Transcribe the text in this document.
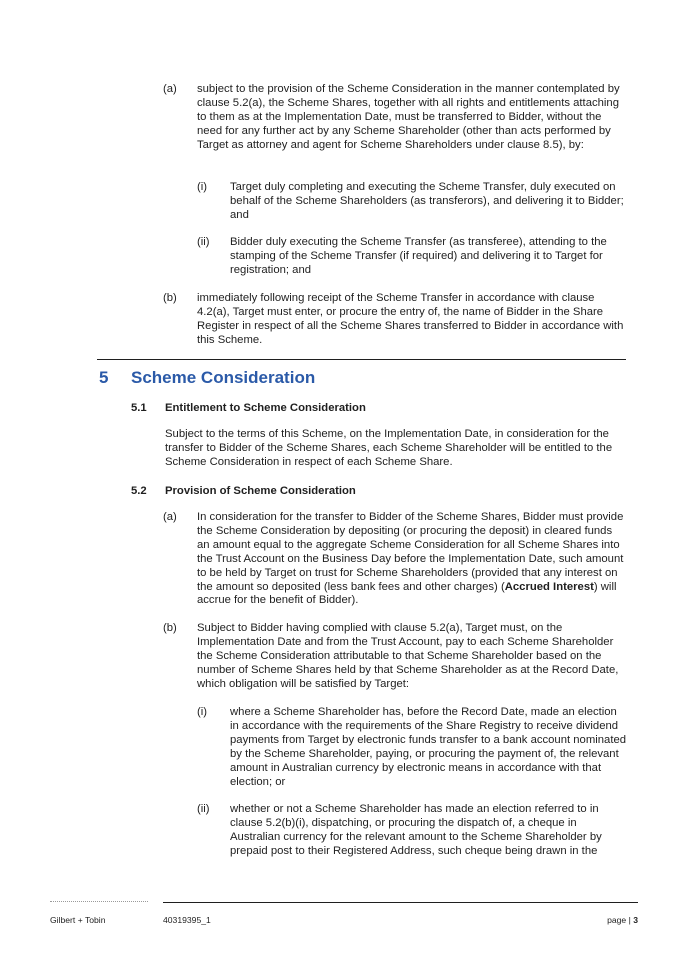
(a) subject to the provision of the Scheme Consideration in the manner contemplated by clause 5.2(a), the Scheme Shares, together with all rights and entitlements attaching to them as at the Implementation Date, must be transferred to Bidder, without the need for any further act by any Scheme Shareholder (other than acts performed by Target as attorney and agent for Scheme Shareholders under clause 8.5), by:
(i) Target duly completing and executing the Scheme Transfer, duly executed on behalf of the Scheme Shareholders (as transferors), and delivering it to Bidder; and
(ii) Bidder duly executing the Scheme Transfer (as transferee), attending to the stamping of the Scheme Transfer (if required) and delivering it to Target for registration; and
(b) immediately following receipt of the Scheme Transfer in accordance with clause 4.2(a), Target must enter, or procure the entry of, the name of Bidder in the Share Register in respect of all the Scheme Shares transferred to Bidder in accordance with this Scheme.
5 Scheme Consideration
5.1 Entitlement to Scheme Consideration
Subject to the terms of this Scheme, on the Implementation Date, in consideration for the transfer to Bidder of the Scheme Shares, each Scheme Shareholder will be entitled to the Scheme Consideration in respect of each Scheme Share.
5.2 Provision of Scheme Consideration
(a) In consideration for the transfer to Bidder of the Scheme Shares, Bidder must provide the Scheme Consideration by depositing (or procuring the deposit) in cleared funds an amount equal to the aggregate Scheme Consideration for all Scheme Shares into the Trust Account on the Business Day before the Implementation Date, such amount to be held by Target on trust for Scheme Shareholders (provided that any interest on the amount so deposited (less bank fees and other charges) (Accrued Interest) will accrue for the benefit of Bidder).
(b) Subject to Bidder having complied with clause 5.2(a), Target must, on the Implementation Date and from the Trust Account, pay to each Scheme Shareholder the Scheme Consideration attributable to that Scheme Shareholder based on the number of Scheme Shares held by that Scheme Shareholder as at the Record Date, which obligation will be satisfied by Target:
(i) where a Scheme Shareholder has, before the Record Date, made an election in accordance with the requirements of the Share Registry to receive dividend payments from Target by electronic funds transfer to a bank account nominated by the Scheme Shareholder, paying, or procuring the payment of, the relevant amount in Australian currency by electronic means in accordance with that election; or
(ii) whether or not a Scheme Shareholder has made an election referred to in clause 5.2(b)(i), dispatching, or procuring the dispatch of, a cheque in Australian currency for the relevant amount to the Scheme Shareholder by prepaid post to their Registered Address, such cheque being drawn in the
Gilbert + Tobin	40319395_1	page | 3
